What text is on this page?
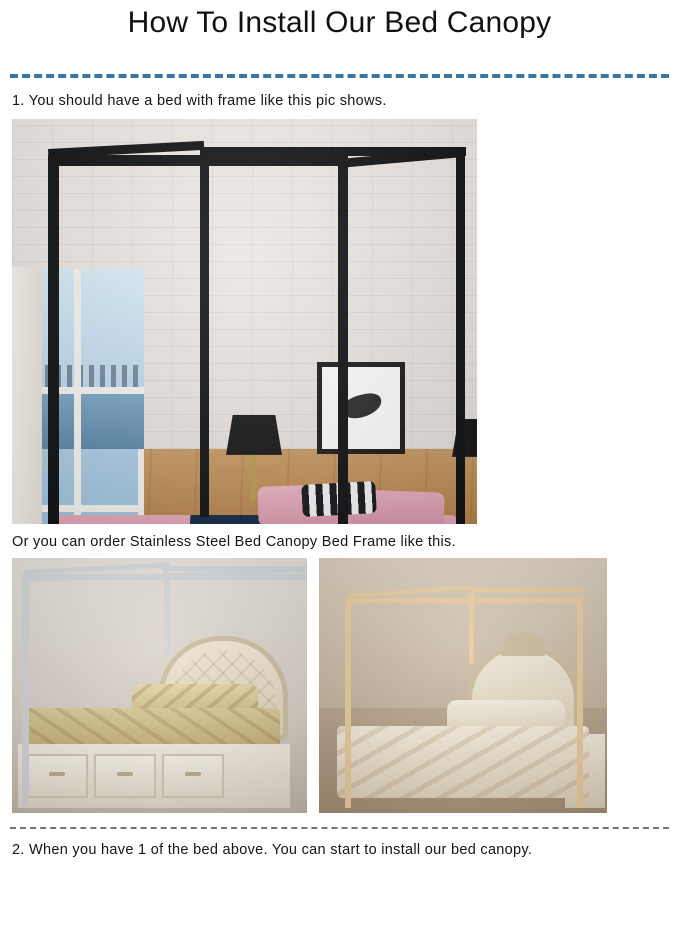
How To Install Our Bed Canopy

1. You should have a bed with frame like this pic shows.

Or you can order Stainless Steel Bed Canopy Bed Frame like this.

2. When you have 1 of the bed above. You can start to install our bed canopy.
